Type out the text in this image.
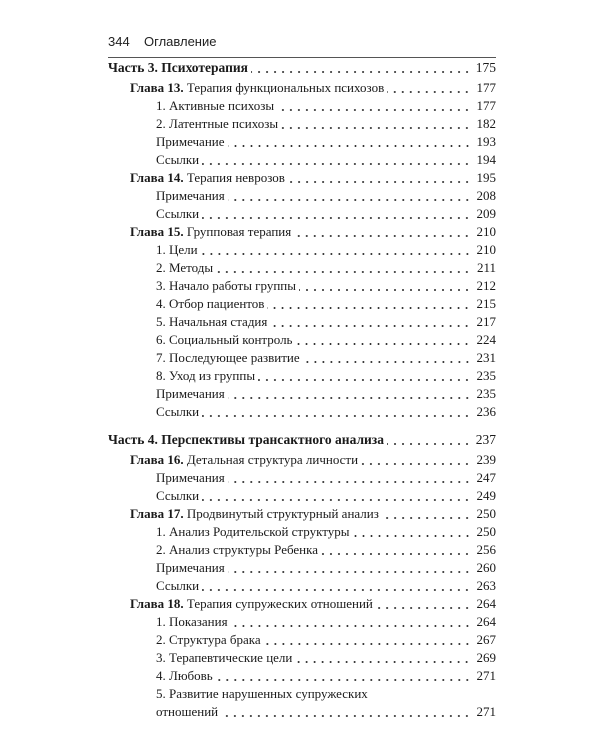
344 Оглавление
Часть 3. Психотерапия	175
Глава 13. Терапия функциональных психозов	177
1. Активные психозы	177
2. Латентные психозы	182
Примечание	193
Ссылки	194
Глава 14. Терапия неврозов	195
Примечания	208
Ссылки	209
Глава 15. Групповая терапия	210
1. Цели	210
2. Методы	211
3. Начало работы группы	212
4. Отбор пациентов	215
5. Начальная стадия	217
6. Социальный контроль	224
7. Последующее развитие	231
8. Уход из группы	235
Примечания	235
Ссылки	236
Часть 4. Перспективы трансактного анализа	237
Глава 16. Детальная структура личности	239
Примечания	247
Ссылки	249
Глава 17. Продвинутый структурный анализ	250
1. Анализ Родительской структуры	250
2. Анализ структуры Ребенка	256
Примечания	260
Ссылки	263
Глава 18. Терапия супружеских отношений	264
1. Показания	264
2. Структура брака	267
3. Терапевтические цели	269
4. Любовь	271
5. Развитие нарушенных супружеских
отношений	271
